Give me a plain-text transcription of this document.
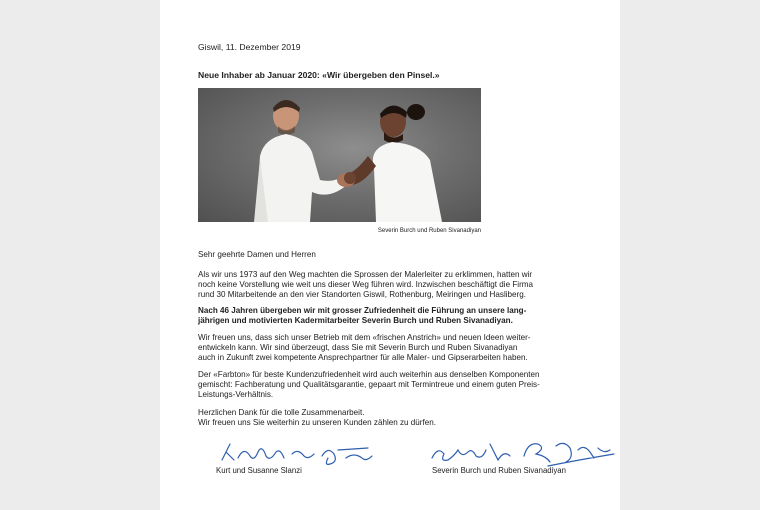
Giswil, 11. Dezember 2019
Neue Inhaber ab Januar 2020: «Wir übergeben den Pinsel.»
Severin Burch und Ruben Sivanadiyan

Sehr geehrte Damen und Herren

Als wir uns 1973 auf den Weg machten die Sprossen der Malerleiter zu erklimmen, hatten wir
noch keine Vorstellung wie weit uns dieser Weg führen wird. Inzwischen beschäftigt die Firma
rund 30 Mitarbeitende an den vier Standorten Giswil, Rothenburg, Meiringen und Hasliberg.

Nach 46 Jahren übergeben wir mit grosser Zufriedenheit die Führung an unsere lang-
jährigen und motivierten Kadermitarbeiter Severin Burch und Ruben Sivanadiyan.

Wir freuen uns, dass sich unser Betrieb mit dem «frischen Anstrich» und neuen Ideen weiter-
entwickeln kann. Wir sind überzeugt, dass Sie mit Severin Burch und Ruben Sivanadiyan
auch in Zukunft zwei kompetente Ansprechpartner für alle Maler- und Gipserarbeiten haben.

Der «Farbton» für beste Kundenzufriedenheit wird auch weiterhin aus denselben Komponenten
gemischt: Fachberatung und Qualitätsgarantie, gepaart mit Termintreue und einem guten Preis-
Leistungs-Verhältnis.

Herzlichen Dank für die tolle Zusammenarbeit.
Wir freuen uns Sie weiterhin zu unseren Kunden zählen zu dürfen.

Kurt und Susanne Slanzi	Severin Burch und Ruben Sivanadiyan
